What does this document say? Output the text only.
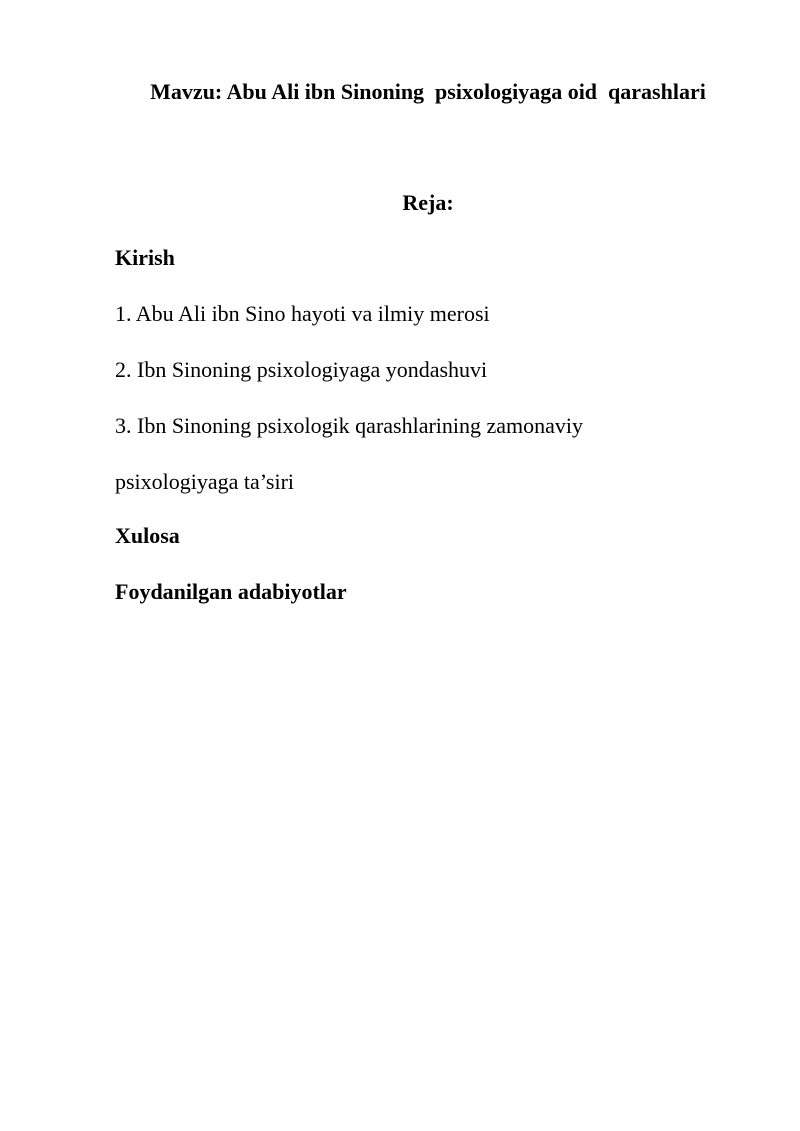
Mavzu: Abu Ali ibn Sinoning  psixologiyaga oid  qarashlari
Reja:
Kirish
1. Abu Ali ibn Sino hayoti va ilmiy merosi
2. Ibn Sinoning psixologiyaga yondashuvi
3. Ibn Sinoning psixologik qarashlarining zamonaviy
psixologiyaga ta’siri
Xulosa
Foydanilgan adabiyotlar
